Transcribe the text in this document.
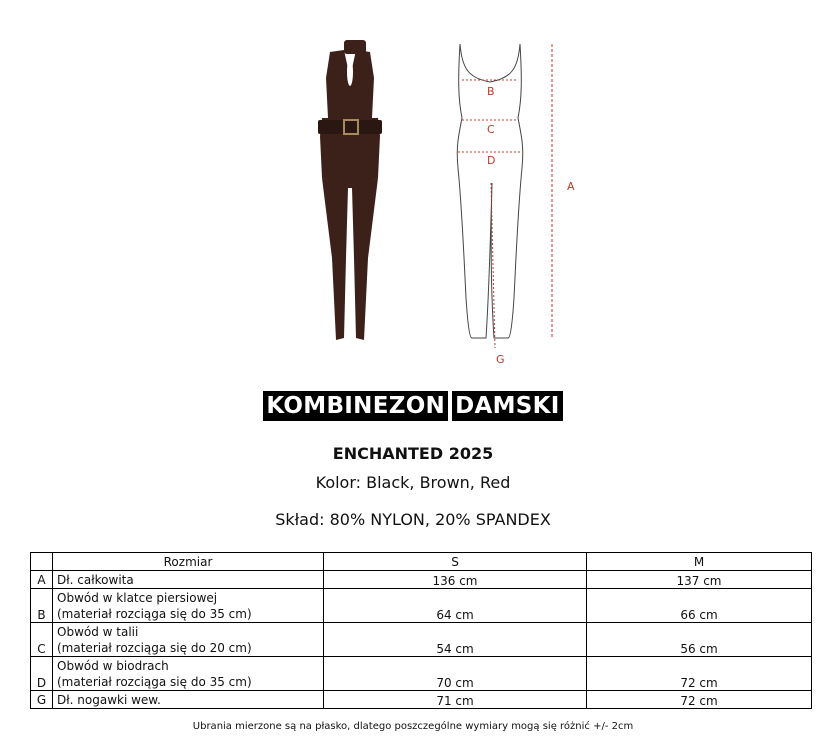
B
C
D
A
G
KOMBINEZON DAMSKI
ENCHANTED 2025
Kolor: Black, Brown, Red
Skład: 80% NYLON, 20% SPANDEX
	Rozmiar	S	M
A	Dł. całkowita	136 cm	137 cm
B	Obwód w klatce piersiowej
(materiał rozciąga się do 35 cm)	64 cm	66 cm
C	Obwód w talii
(materiał rozciąga się do 20 cm)	54 cm	56 cm
D	Obwód w biodrach
(materiał rozciąga się do 35 cm)	70 cm	72 cm
G	Dł. nogawki wew.	71 cm	72 cm
Ubrania mierzone są na płasko, dlatego poszczególne wymiary mogą się różnić +/- 2cm
